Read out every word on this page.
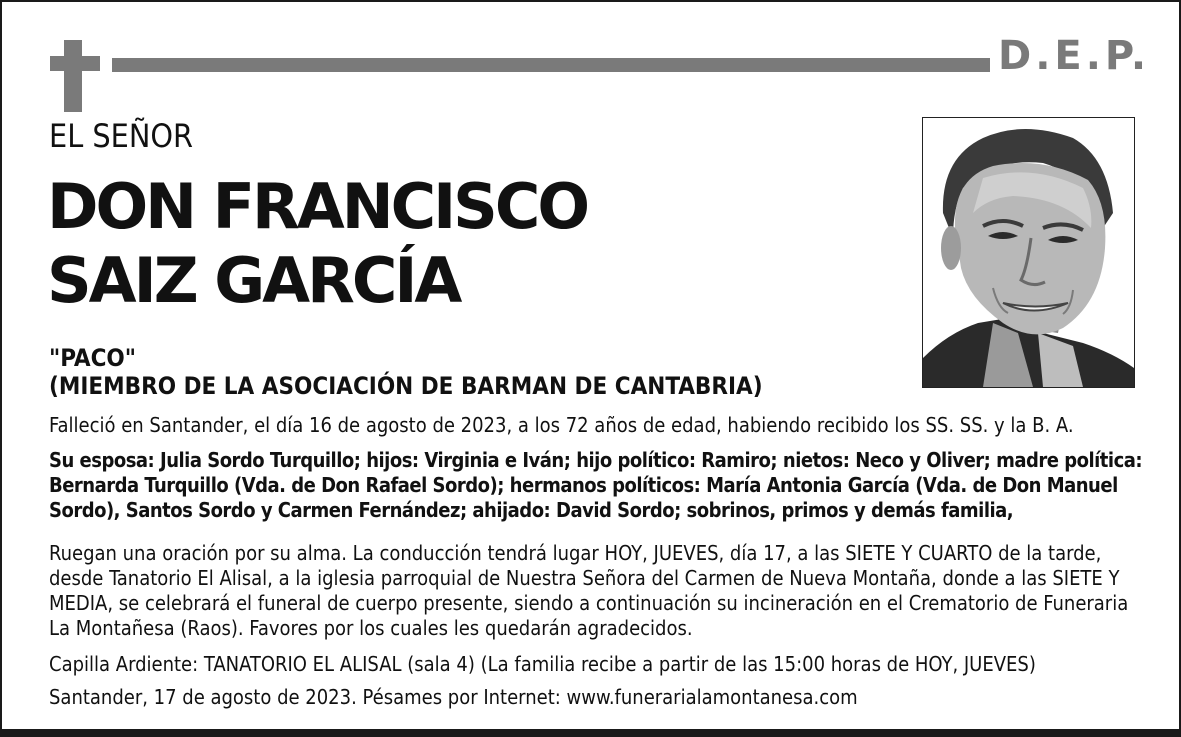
D.E.P.
EL SEÑOR
DON FRANCISCO
SAIZ GARCÍA
"PACO"
(MIEMBRO DE LA ASOCIACIÓN DE BARMAN DE CANTABRIA)
Falleció en Santander, el día 16 de agosto de 2023, a los 72 años de edad, habiendo recibido los SS. SS. y la B. A.
Su esposa: Julia Sordo Turquillo; hijos: Virginia e Iván; hijo político: Ramiro; nietos: Neco y Oliver; madre política: Bernarda Turquillo (Vda. de Don Rafael Sordo); hermanos políticos: María Antonia García (Vda. de Don Manuel Sordo), Santos Sordo y Carmen Fernández; ahijado: David Sordo; sobrinos, primos y demás familia,
Ruegan una oración por su alma. La conducción tendrá lugar HOY, JUEVES, día 17, a las SIETE Y CUARTO de la tarde, desde Tanatorio El Alisal, a la iglesia parroquial de Nuestra Señora del Carmen de Nueva Montaña, donde a las SIETE Y MEDIA, se celebrará el funeral de cuerpo presente, siendo a continuación su incineración en el Crematorio de Funeraria La Montañesa (Raos). Favores por los cuales les quedarán agradecidos.
Capilla Ardiente: TANATORIO EL ALISAL (sala 4) (La familia recibe a partir de las 15:00 horas de HOY, JUEVES)
Santander, 17 de agosto de 2023. Pésames por Internet: www.funerarialamontanesa.com
